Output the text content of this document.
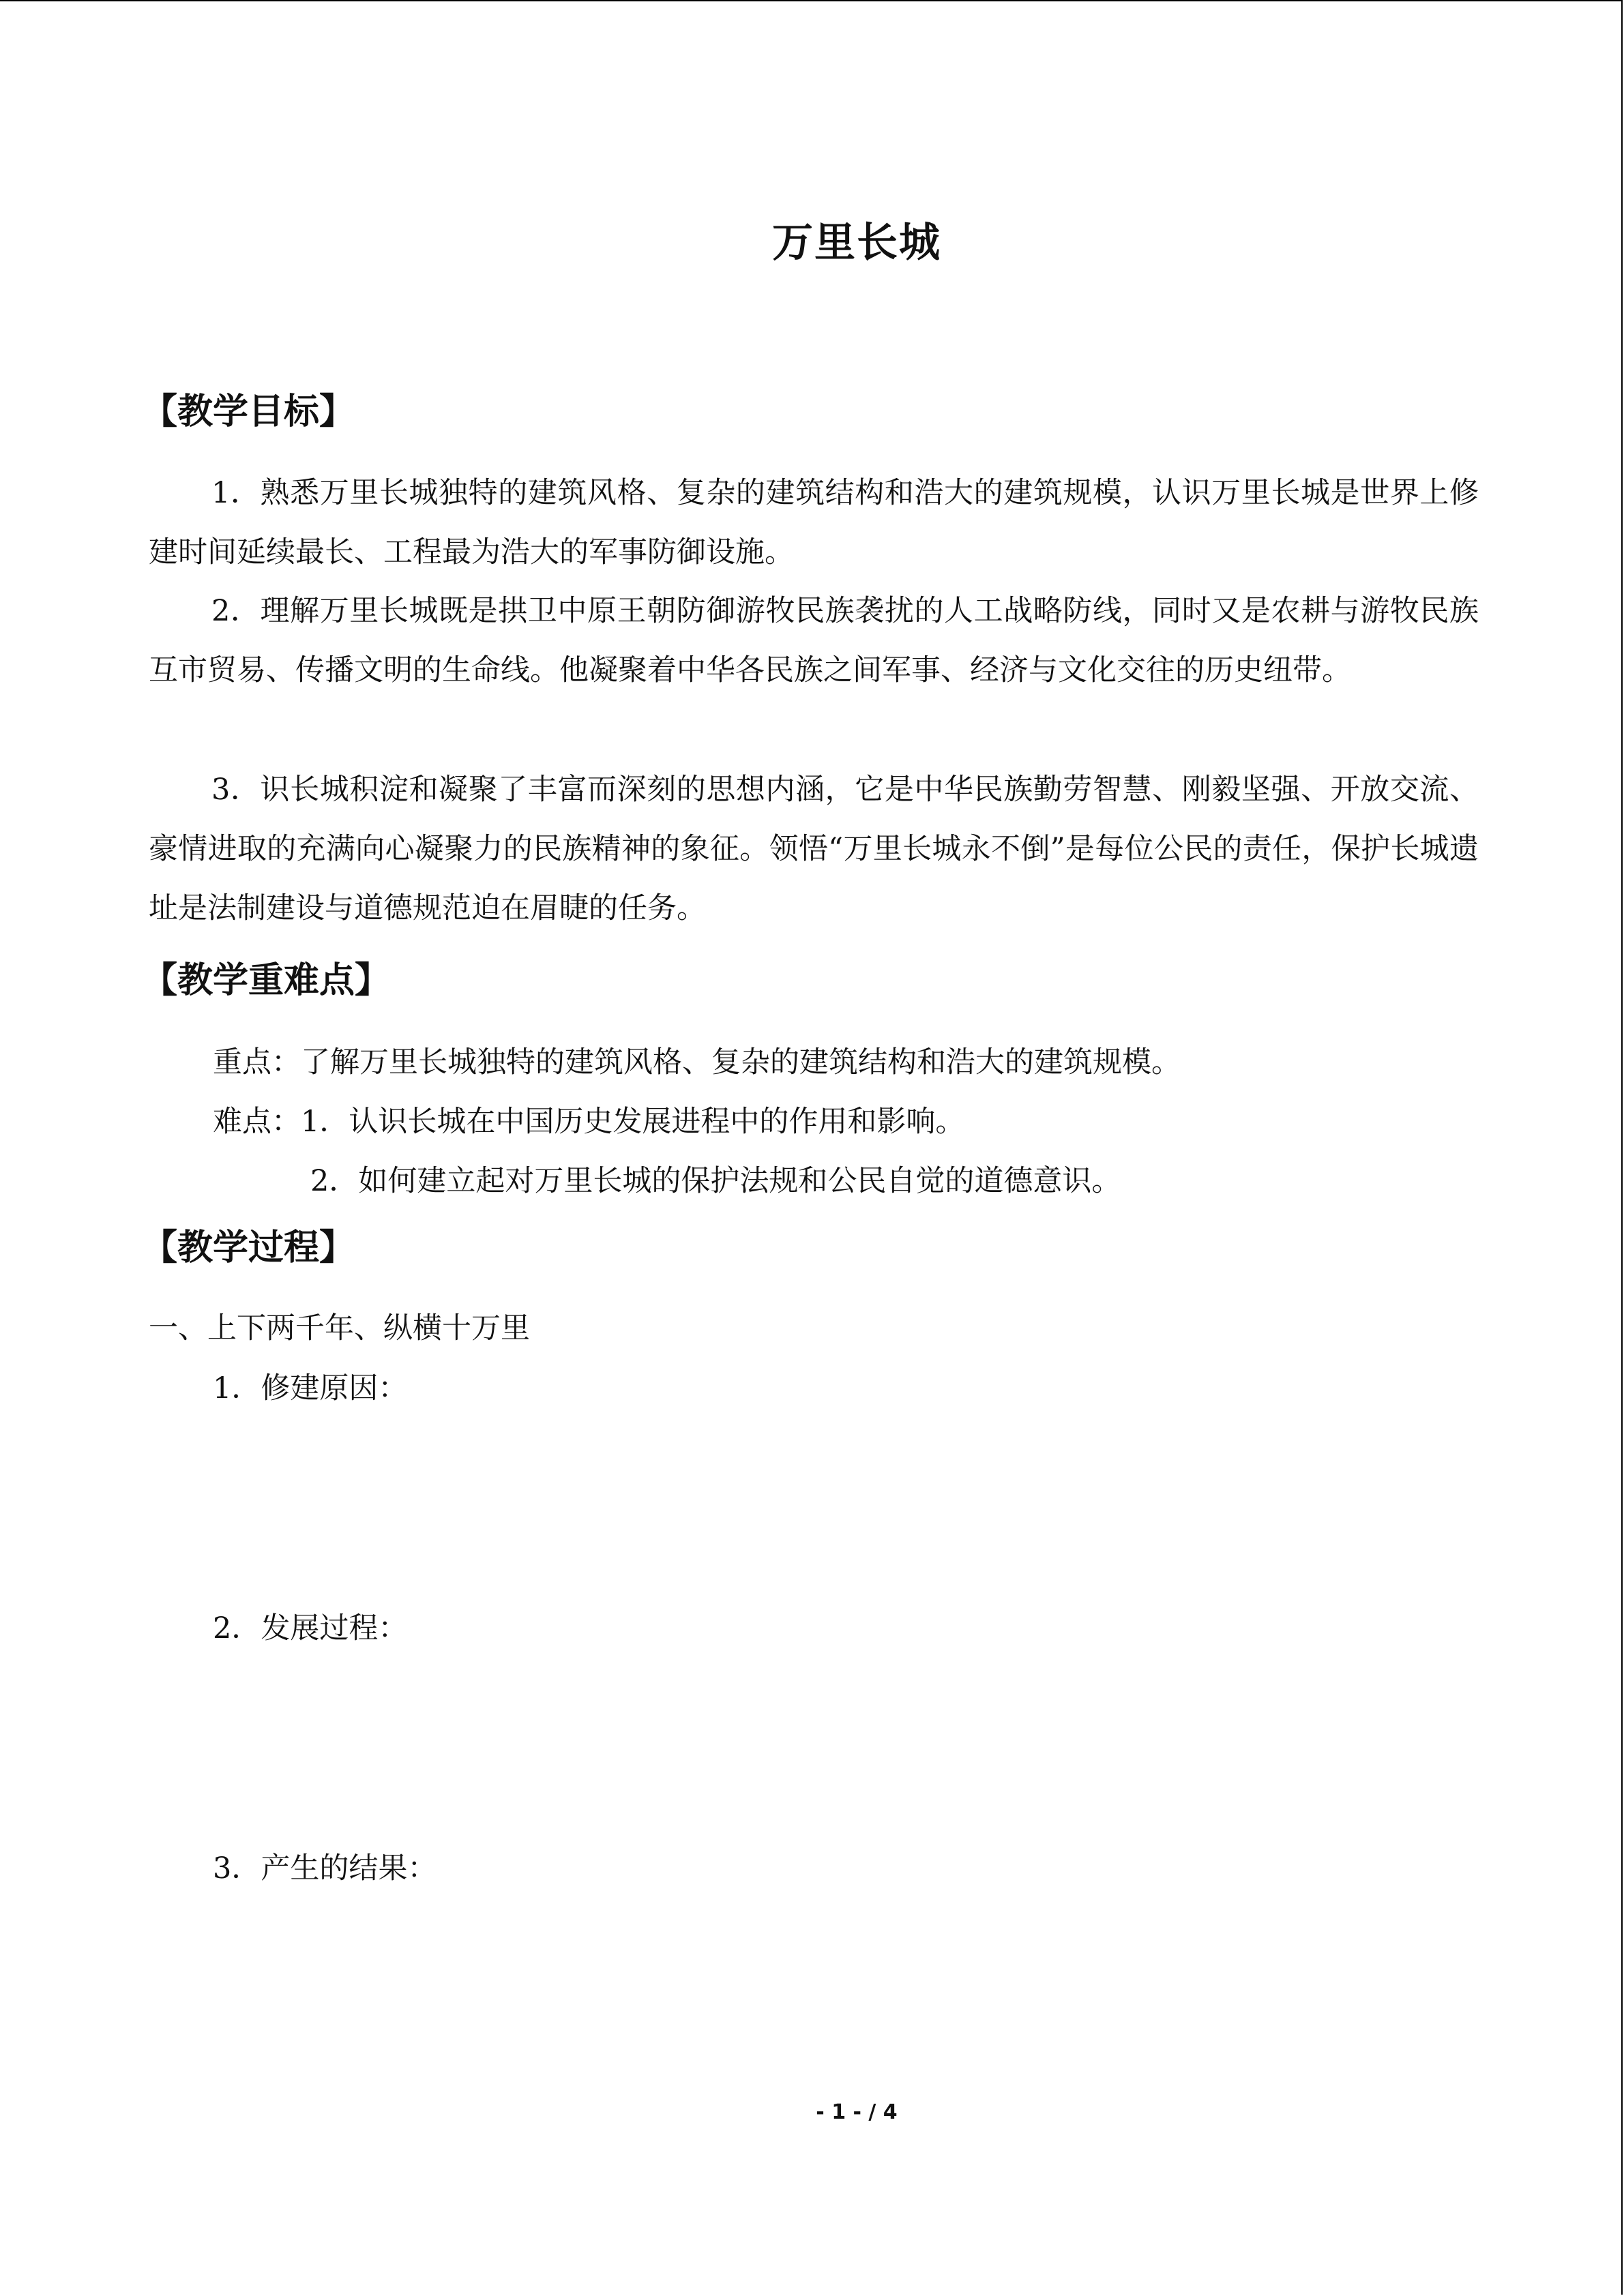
万里长城
【教学目标】
1．熟悉万里长城独特的建筑风格、复杂的建筑结构和浩大的建筑规模，认识万里长城是世界上修建时间延续最长、工程最为浩大的军事防御设施。
2．理解万里长城既是拱卫中原王朝防御游牧民族袭扰的人工战略防线，同时又是农耕与游牧民族互市贸易、传播文明的生命线。他凝聚着中华各民族之间军事、经济与文化交往的历史纽带。
3．识长城积淀和凝聚了丰富而深刻的思想内涵，它是中华民族勤劳智慧、刚毅坚强、开放交流、豪情进取的充满向心凝聚力的民族精神的象征。领悟“万里长城永不倒”是每位公民的责任，保护长城遗址是法制建设与道德规范迫在眉睫的任务。
【教学重难点】
重点：了解万里长城独特的建筑风格、复杂的建筑结构和浩大的建筑规模。
难点：1．认识长城在中国历史发展进程中的作用和影响。
2．如何建立起对万里长城的保护法规和公民自觉的道德意识。
【教学过程】
一、上下两千年、纵横十万里
1．修建原因：
2．发展过程：
3．产生的结果：
- 1 - / 4
